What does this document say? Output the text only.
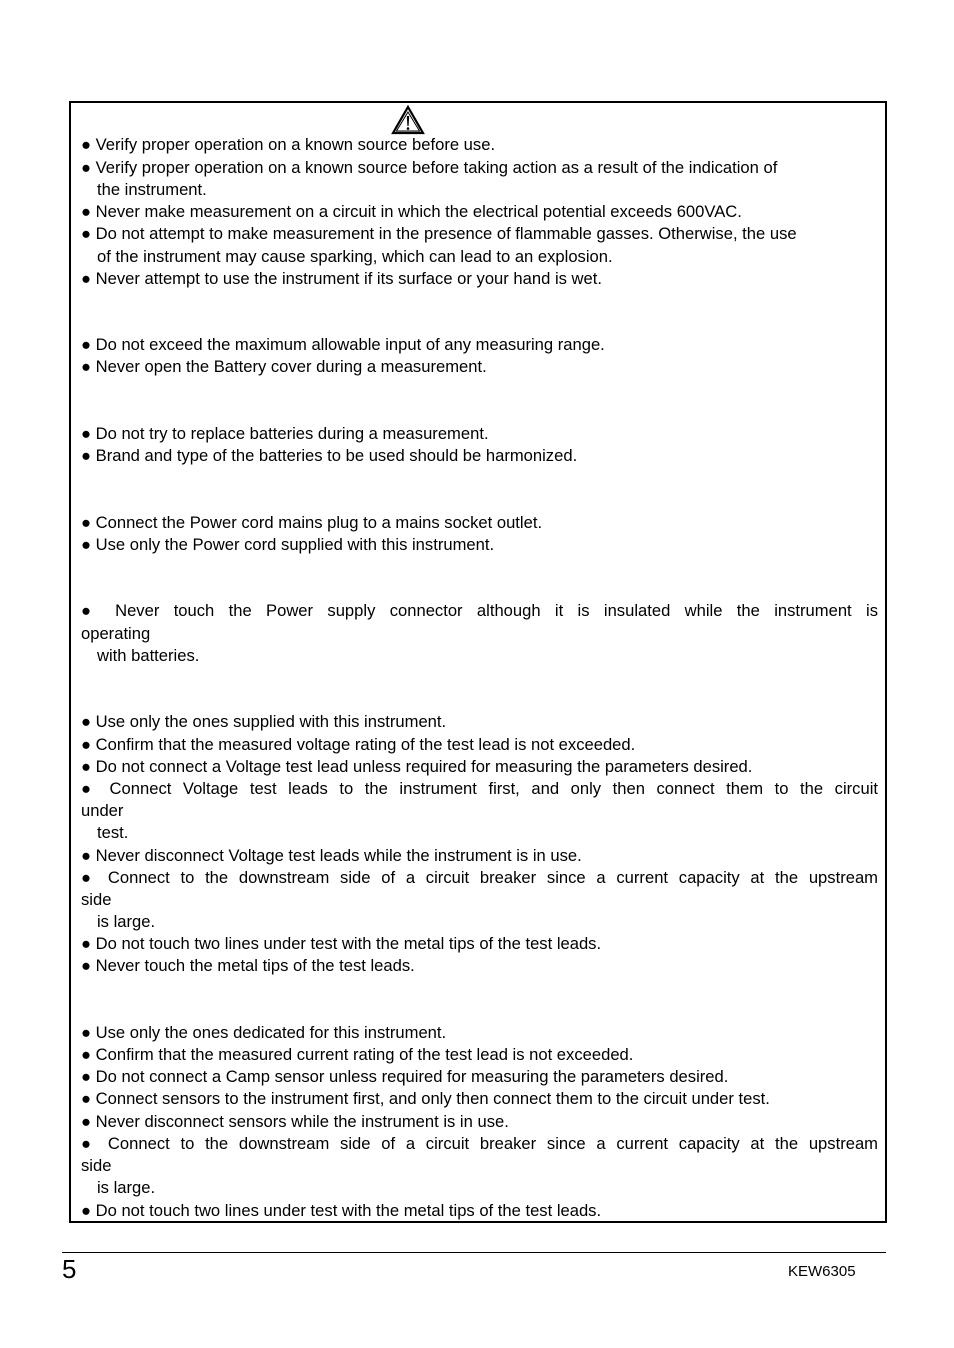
● Verify proper operation on a known source before use.
● Verify proper operation on a known source before taking action as a result of the indication of
the instrument.
● Never make measurement on a circuit in which the electrical potential exceeds 600VAC.
● Do not attempt to make measurement in the presence of flammable gasses. Otherwise, the use
of the instrument may cause sparking, which can lead to an explosion.
● Never attempt to use the instrument if its surface or your hand is wet.
● Do not exceed the maximum allowable input of any measuring range.
● Never open the Battery cover during a measurement.
● Do not try to replace batteries during a measurement.
● Brand and type of the batteries to be used should be harmonized.
● Connect the Power cord mains plug to a mains socket outlet.
● Use only the Power cord supplied with this instrument.
● Never touch the Power supply connector although it is insulated while the instrument is
operating
with batteries.
● Use only the ones supplied with this instrument.
● Confirm that the measured voltage rating of the test lead is not exceeded.
● Do not connect a Voltage test lead unless required for measuring the parameters desired.
● Connect Voltage test leads to the instrument first, and only then connect them to the circuit
under
test.
● Never disconnect Voltage test leads while the instrument is in use.
● Connect to the downstream side of a circuit breaker since a current capacity at the upstream
side
is large.
● Do not touch two lines under test with the metal tips of the test leads.
● Never touch the metal tips of the test leads.
● Use only the ones dedicated for this instrument.
● Confirm that the measured current rating of the test lead is not exceeded.
● Do not connect a Camp sensor unless required for measuring the parameters desired.
● Connect sensors to the instrument first, and only then connect them to the circuit under test.
● Never disconnect sensors while the instrument is in use.
● Connect to the downstream side of a circuit breaker since a current capacity at the upstream
side
is large.
● Do not touch two lines under test with the metal tips of the test leads.
5	KEW6305
